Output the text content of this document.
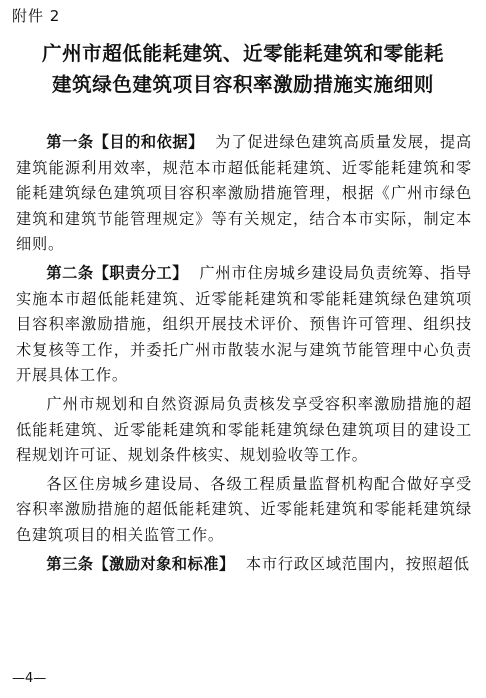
附件 2
广州市超低能耗建筑、近零能耗建筑和零能耗
建筑绿色建筑项目容积率激励措施实施细则

第一条【目的和依据】 为了促进绿色建筑高质量发展，提高建筑能源利用效率，规范本市超低能耗建筑、近零能耗建筑和零能耗建筑绿色建筑项目容积率激励措施管理，根据《广州市绿色建筑和建筑节能管理规定》等有关规定，结合本市实际，制定本细则。

第二条【职责分工】 广州市住房城乡建设局负责统筹、指导实施本市超低能耗建筑、近零能耗建筑和零能耗建筑绿色建筑项目容积率激励措施，组织开展技术评价、预售许可管理、组织技术复核等工作，并委托广州市散装水泥与建筑节能管理中心负责开展具体工作。

广州市规划和自然资源局负责核发享受容积率激励措施的超低能耗建筑、近零能耗建筑和零能耗建筑绿色建筑项目的建设工程规划许可证、规划条件核实、规划验收等工作。

各区住房城乡建设局、各级工程质量监督机构配合做好享受容积率激励措施的超低能耗建筑、近零能耗建筑和零能耗建筑绿色建筑项目的相关监管工作。

第三条【激励对象和标准】 本市行政区域范围内，按照超低

—4—
